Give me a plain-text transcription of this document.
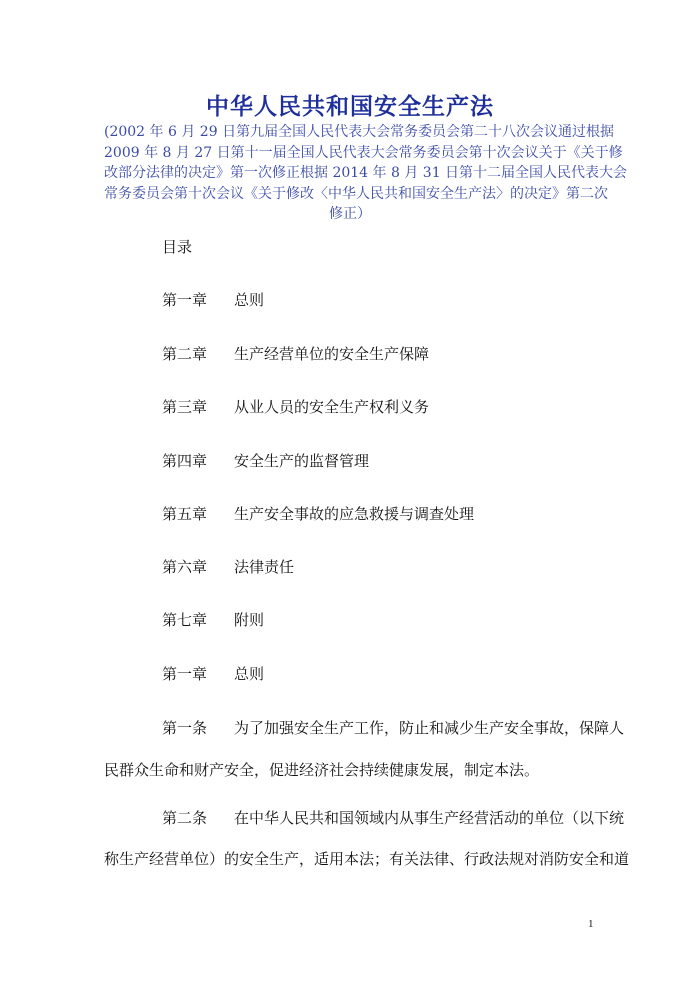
中华人民共和国安全生产法
(2002 年 6 月 29 日第九届全国人民代表大会常务委员会第二十八次会议通过根据
2009 年 8 月 27 日第十一届全国人民代表大会常务委员会第十次会议关于《关于修
改部分法律的决定》第一次修正根据 2014 年 8 月 31 日第十二届全国人民代表大会
常务委员会第十次会议《关于修改〈中华人民共和国安全生产法〉的决定》第二次
修正）
目录
第一章 总则
第二章 生产经营单位的安全生产保障
第三章 从业人员的安全生产权利义务
第四章 安全生产的监督管理
第五章 生产安全事故的应急救援与调查处理
第六章 法律责任
第七章 附则
第一章 总则
第一条 为了加强安全生产工作，防止和减少生产安全事故，保障人
民群众生命和财产安全，促进经济社会持续健康发展，制定本法。
第二条 在中华人民共和国领域内从事生产经营活动的单位（以下统
称生产经营单位）的安全生产，适用本法；有关法律、行政法规对消防安全和道
1
